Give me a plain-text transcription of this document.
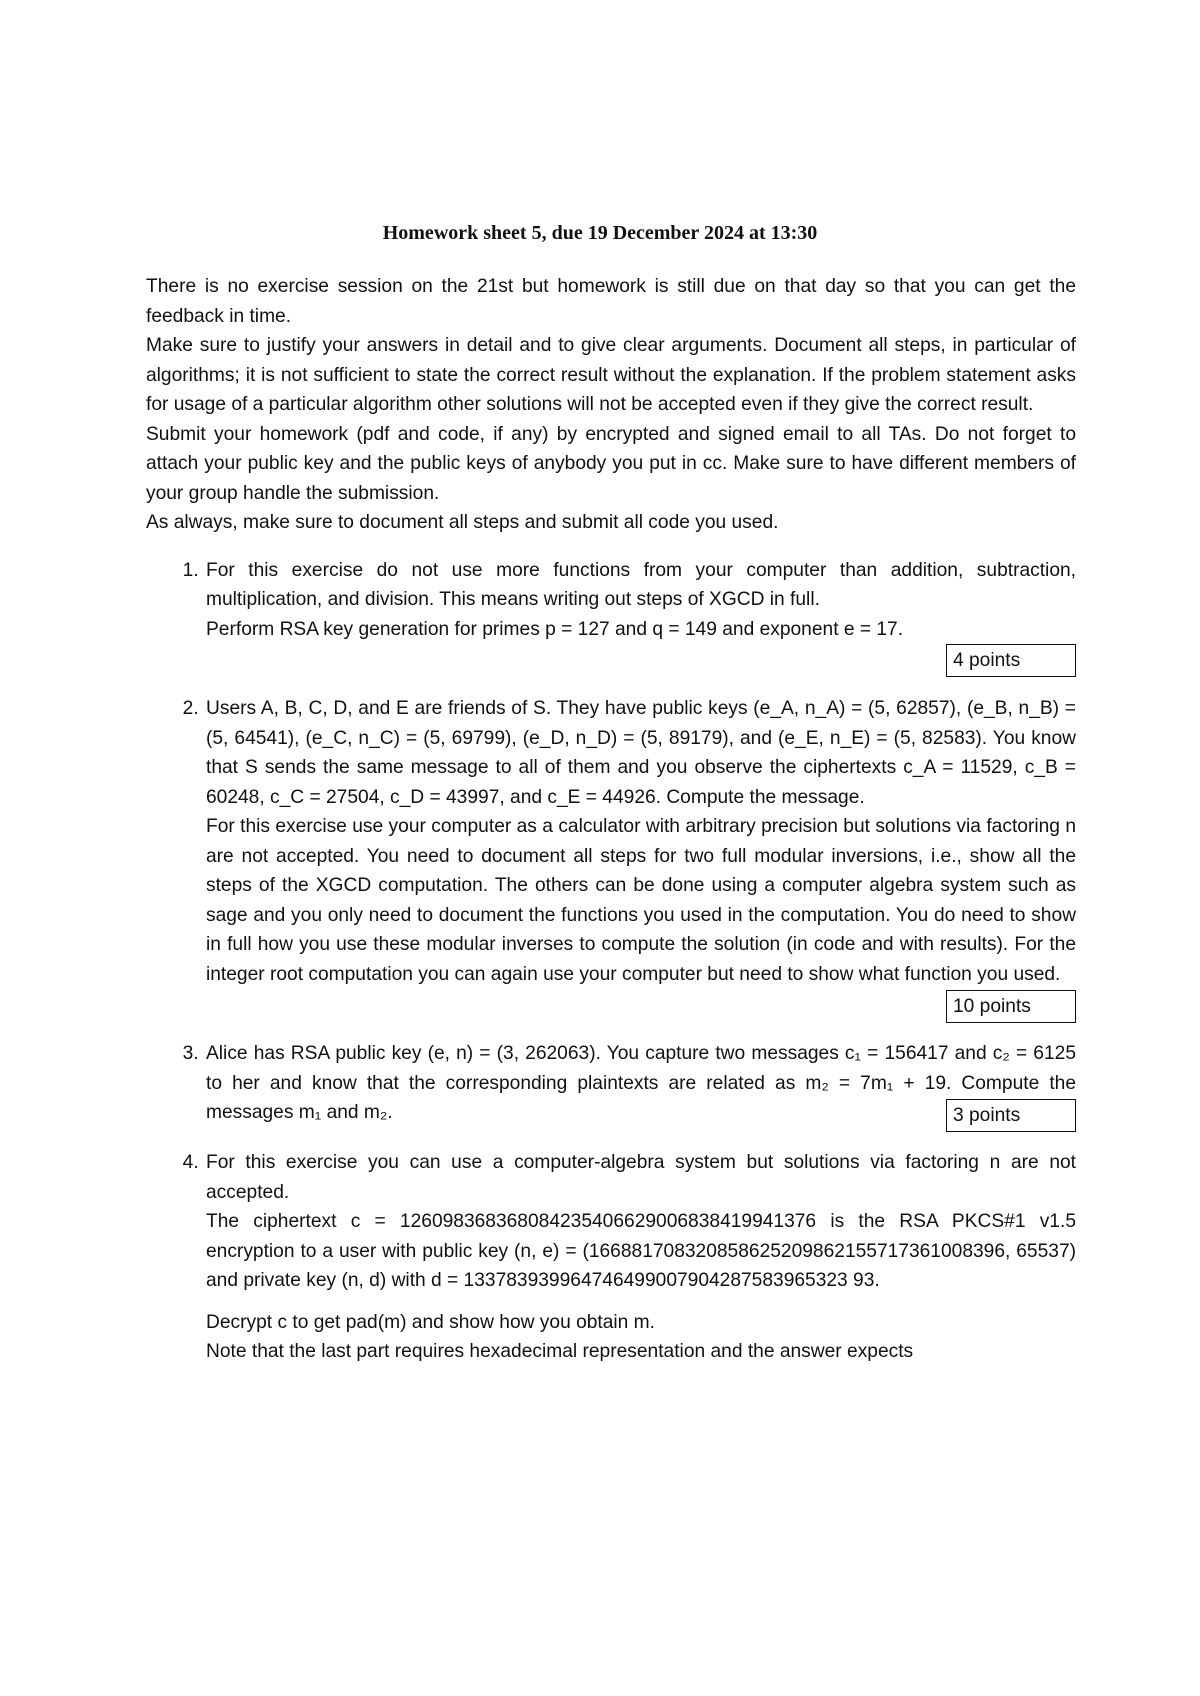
Homework sheet 5, due 19 December 2024 at 13:30

There is no exercise session on the 21st but homework is still due on that day so that you can get the feedback in time.

Make sure to justify your answers in detail and to give clear arguments. Document all steps, in particular of algorithms; it is not sufficient to state the correct result without the explanation. If the problem statement asks for usage of a particular algorithm other solutions will not be accepted even if they give the correct result.

Submit your homework (pdf and code, if any) by encrypted and signed email to all TAs. Do not forget to attach your public key and the public keys of anybody you put in cc. Make sure to have different members of your group handle the submission.

As always, make sure to document all steps and submit all code you used.

1. For this exercise do not use more functions from your computer than addition, subtraction, multiplication, and division. This means writing out steps of XGCD in full.

Perform RSA key generation for primes p = 127 and q = 149 and exponent e = 17.

4 points

2. Users A, B, C, D, and E are friends of S. They have public keys (e_A, n_A) = (5, 62857), (e_B, n_B) = (5, 64541), (e_C, n_C) = (5, 69799), (e_D, n_D) = (5, 89179), and (e_E, n_E) = (5, 82583). You know that S sends the same message to all of them and you observe the ciphertexts c_A = 11529, c_B = 60248, c_C = 27504, c_D = 43997, and c_E = 44926. Compute the message.

For this exercise use your computer as a calculator with arbitrary precision but solutions via factoring n are not accepted. You need to document all steps for two full modular inversions, i.e., show all the steps of the XGCD computation. The others can be done using a computer algebra system such as sage and you only need to document the functions you used in the computation. You do need to show in full how you use these modular inverses to compute the solution (in code and with results). For the integer root computation you can again use your computer but need to show what function you used.
10 points

3. Alice has RSA public key (e, n) = (3, 262063). You capture two messages c₁ = 156417 and c₂ = 6125 to her and know that the corresponding plaintexts are related as m₂ = 7m₁ + 19. Compute the messages m₁ and m₂.	3 points

4. For this exercise you can use a computer-algebra system but solutions via factoring n are not accepted.

The ciphertext c = 126098368368084235406629006838419941376 is the RSA PKCS#1 v1.5 encryption to a user with public key (n, e) = (166881708320858625209862155717361008396, 65537) and private key (n, d) with d = 133783939964746499007904287583965323 93.

Decrypt c to get pad(m) and show how you obtain m.

Note that the last part requires hexadecimal representation and the answer expects
